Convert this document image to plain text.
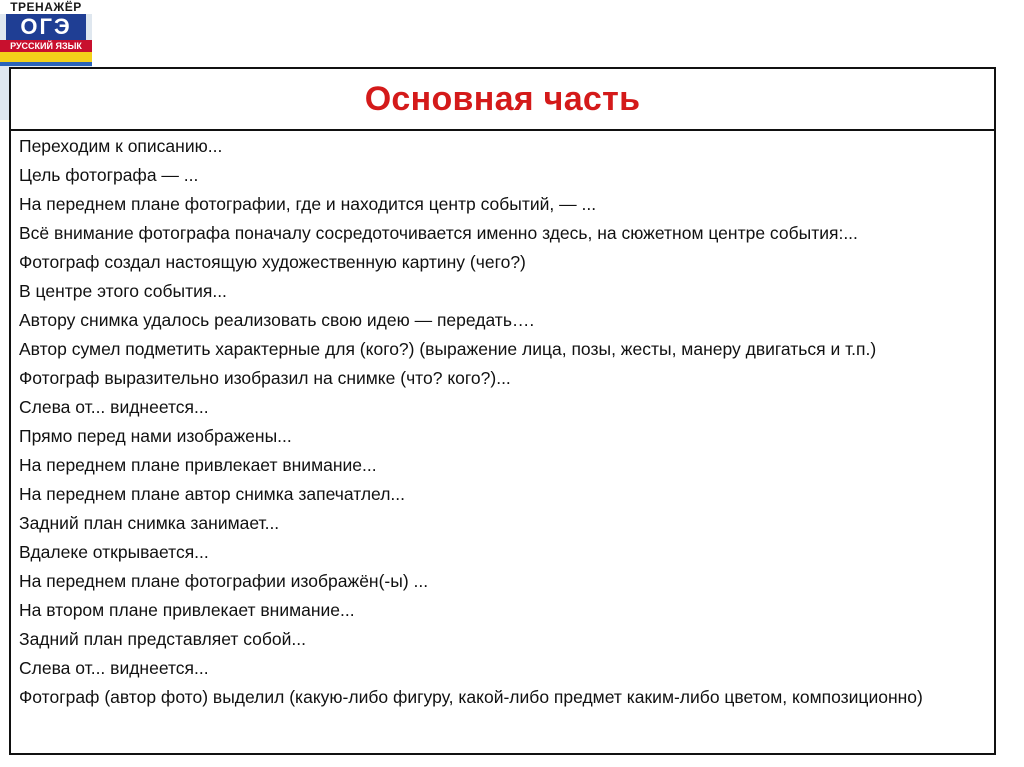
ТРЕНАЖЁР
ОГЭ
РУССКИЙ ЯЗЫК
Основная часть
Переходим к описанию...
Цель фотографа — ...
На переднем плане фотографии, где и находится центр событий, — ...
Всё внимание фотографа поначалу сосредоточивается именно здесь, на сюжетном центре события:...
Фотограф создал настоящую художественную картину (чего?)
В центре этого события...
Автору снимка удалось реализовать свою идею — передать….
Автор сумел подметить характерные для (кого?) (выражение лица, позы, жесты, манеру двигаться и т.п.)
Фотограф выразительно изобразил на снимке (что? кого?)...
Слева от... виднеется...
Прямо перед нами изображены...
На переднем плане привлекает внимание...
На переднем плане автор снимка запечатлел...
Задний план снимка занимает...
Вдалеке открывается...
На переднем плане фотографии изображён(-ы) ...
На втором плане привлекает внимание...
Задний план представляет собой...
Слева от... виднеется...
Фотограф (автор фото) выделил (какую-либо фигуру, какой-либо предмет каким-либо цветом, композиционно)
